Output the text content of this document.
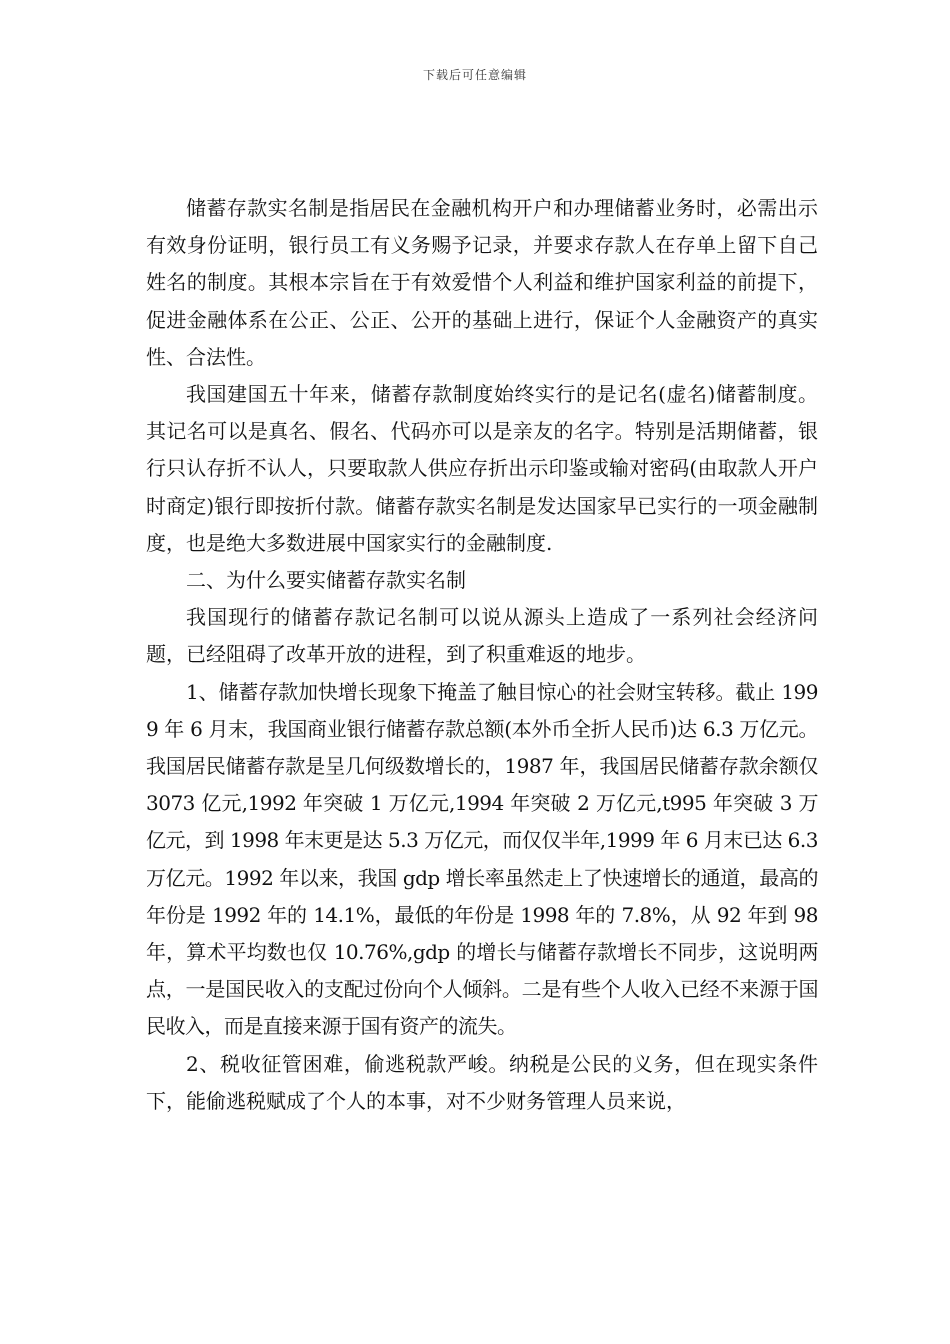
下载后可任意编辑

储蓄存款实名制是指居民在金融机构开户和办理储蓄业务时，必需出示有效身份证明，银行员工有义务赐予记录，并要求存款人在存单上留下自己姓名的制度。其根本宗旨在于有效爱惜个人利益和维护国家利益的前提下，促进金融体系在公正、公正、公开的基础上进行，保证个人金融资产的真实性、合法性。

我国建国五十年来，储蓄存款制度始终实行的是记名(虚名)储蓄制度。其记名可以是真名、假名、代码亦可以是亲友的名字。特别是活期储蓄，银行只认存折不认人，只要取款人供应存折出示印鉴或输对密码(由取款人开户时商定)银行即按折付款。储蓄存款实名制是发达国家早已实行的一项金融制度，也是绝大多数进展中国家实行的金融制度.

二、为什么要实储蓄存款实名制

我国现行的储蓄存款记名制可以说从源头上造成了一系列社会经济问题，已经阻碍了改革开放的进程，到了积重难返的地步。

1、储蓄存款加快增长现象下掩盖了触目惊心的社会财宝转移。截止 1999 年 6 月末，我国商业银行储蓄存款总额(本外币全折人民币)达 6.3 万亿元。我国居民储蓄存款是呈几何级数增长的，1987 年，我国居民储蓄存款余额仅 3073 亿元,1992 年突破 1 万亿元,1994 年突破 2 万亿元,t995 年突破 3 万亿元，到 1998 年末更是达 5.3 万亿元，而仅仅半年,1999 年 6 月末已达 6.3 万亿元。1992 年以来，我国 gdp 增长率虽然走上了快速增长的通道，最高的年份是 1992 年的 14.1%，最低的年份是 1998 年的 7.8%，从 92 年到 98 年，算术平均数也仅 10.76%,gdp 的增长与储蓄存款增长不同步，这说明两点，一是国民收入的支配过份向个人倾斜。二是有些个人收入已经不来源于国民收入，而是直接来源于国有资产的流失。

2、税收征管困难，偷逃税款严峻。纳税是公民的义务，但在现实条件下，能偷逃税赋成了个人的本事，对不少财务管理人员来说，
